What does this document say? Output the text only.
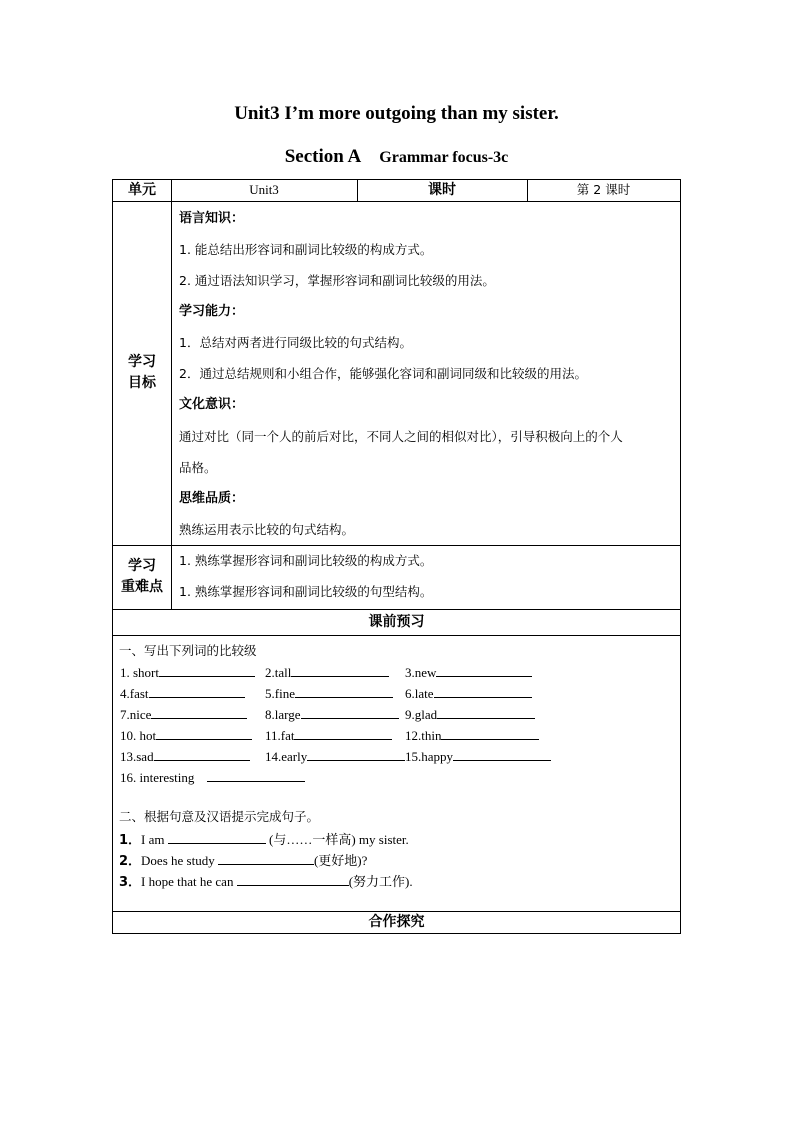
Unit3 I’m more outgoing than my sister.
Section A Grammar focus-3c
单元	Unit3	课时	第 2 课时
学习
目标
语言知识：
1. 能总结出形容词和副词比较级的构成方式。
2. 通过语法知识学习，掌握形容词和副词比较级的用法。
学习能力：
1．总结对两者进行同级比较的句式结构。
2．通过总结规则和小组合作，能够强化容词和副词同级和比较级的用法。
文化意识：
通过对比（同一个人的前后对比，不同人之间的相似对比），引导积极向上的个人
品格。
思维品质：
熟练运用表示比较的句式结构。
学习
重难点
1. 熟练掌握形容词和副词比较级的构成方式。
1. 熟练掌握形容词和副词比较级的句型结构。
课前预习
一、写出下列词的比较级
1. short	2.tall	3.new
4.fast	5.fine	6.late
7.nice	8.large	9.glad
10. hot	11.fat	12.thin
13.sad	14.early	15.happy
16. interesting
二、根据句意及汉语提示完成句子。
1．I am	(与……一样高) my sister.
2．Does he study	(更好地)?
3．I hope that he can	(努力工作).
合作探究
